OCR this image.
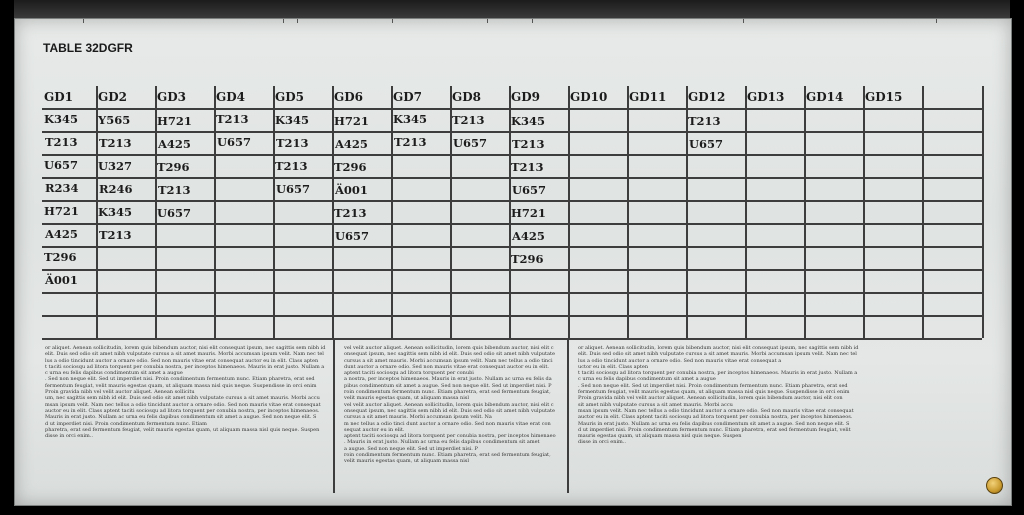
TABLE 32DGFR
GD1 GD2 GD3 GD4 GD5 GD6 GD7 GD8 GD9 GD10 GD11 GD12 GD13 GD14 GD15
K345
T213
U657
R234
H721
A425
T296
Ä001
Y565
T213
U327
R246
K345
T213
H721
A425
T296
T213
U657
T213
U657
K345
T213
T213
U657
H721
A425
T296
Ä001
T213
U657
K345
T213
T213
U657
K345
T213
T213
U657
H721
A425
T296
T213
U657
or aliquet. Aenean sollicitudin, lorem quis bibendum auctor, nisi elit consequat ipsum, nec sagittis sem nibh id
elit. Duis sed odio sit amet nibh vulputate cursus a sit amet mauris. Morbi accumsan ipsum velit. Nam nec tel
lus a odio tincidunt auctor a ornare odio. Sed non mauris vitae erat consequat auctor eu in elit. Class apten
t taciti sociosqu ad litora torquent per conubia nostra, per inceptos himenaeos. Mauris in erat justo. Nullam a
c urna eu felis dapibus condimentum sit amet a augue
. Sed non neque elit. Sed ut imperdiet nisi. Proin condimentum fermentum nunc. Etiam pharetra, erat sed
fermentum feugiat, velit mauris egestas quam, ut aliquam massa nisl quis neque. Suspendisse in orci enim
Proin gravida nibh vel velit auctor aliquet. Aenean sollicitu
um, nec sagittis sem nibh id elit. Duis sed odio sit amet nibh vulputate cursus a sit amet mauris. Morbi accu
msan ipsum velit. Nam nec tellus a odio tincidunt auctor a ornare odio. Sed non mauris vitae erat consequat
auctor eu in elit. Class aptent taciti sociosqu ad litora torquent per conubia nostra, per inceptos himenaeos.
Mauris in erat justo. Nullam ac urna eu felis dapibus condimentum sit amet a augue. Sed non neque elit. S
d ut imperdiet nisi. Proin condimentum fermentum nunc. Etiam
pharetra, erat sed fermentum feugiat, velit mauris egestas quam, ut aliquam massa nisl quis neque. Suspen
disse in orci enim..
vel velit auctor aliquet. Aenean sollicitudin, lorem quis bibendum auctor, nisi elit c
onsequat ipsum, nec sagittis sem nibh id elit. Duis sed odio sit amet nibh vulputate
cursus a sit amet mauris. Morbi accumsan ipsum velit. Nam nec tellus a odio tinci
dunt auctor a ornare odio. Sed non mauris vitae erat consequat auctor eu in elit.
aptent taciti sociosqu ad litora torquent per conubi
a nostra, per inceptos himenaeos. Mauris in erat justo. Nullam ac urna eu felis da
pibus condimentum sit amet a augue. Sed non neque elit. Sed ut imperdiet nisi. P
roin condimentum fermentum nunc. Etiam pharetra, erat sed fermentum feugiat,
velit mauris egestas quam, ut aliquam massa nisl
vel velit auctor aliquet. Aenean sollicitudin, lorem quis bibendum auctor, nisi elit c
onsequat ipsum, nec sagittis sem nibh id elit. Duis sed odio sit amet nibh vulputate
cursus a sit amet mauris. Morbi accumsan ipsum velit. Na
m nec tellus a odio tinci dunt auctor a ornare odio. Sed non mauris vitae erat con
sequat auctor eu in elit.
aptent taciti sociosqu ad litora torquent per conubia nostra, per inceptos himenaeo
. Mauris in erat justo. Nullam ac urna eu felis dapibus condimentum sit amet
a augue. Sed non neque elit. Sed ut imperdiet nisi. P
roin condimentum fermentum nunc. Etiam pharetra, erat sed fermentum feugiat,
velit mauris egestas quam, ut aliquam massa nisl
or aliquet. Aenean sollicitudin, lorem quis bibendum auctor, nisi elit consequat ipsum, nec sagittis sem nibh id
elit. Duis sed odio sit amet nibh vulputate cursus a sit amet mauris. Morbi accumsan ipsum velit. Nam nec tel
lus a odio tincidunt auctor a ornare odio. Sed non mauris vitae erat consequat a
uctor eu in elit. Class apten
t taciti sociosqu ad litora torquent per conubia nostra, per inceptos himenaeos. Mauris in erat justo. Nullam a
c urna eu felis dapibus condimentum sit amet a augue
. Sed non neque elit. Sed ut imperdiet nisi. Proin condimentum fermentum nunc. Etiam pharetra, erat sed
fermentum feugiat, velit mauris egestas quam, ut aliquam massa nisl quis neque. Suspendisse in orci enim
Proin gravida nibh vel velit auctor aliquet. Aenean sollicitudin, lorem quis bibendum auctor, nisi elit con
sit amet nibh vulputate cursus a sit amet mauris. Morbi accu
msan ipsum velit. Nam nec tellus a odio tincidunt auctor a ornare odio. Sed non mauris vitae erat consequat
auctor eu in elit. Class aptent taciti sociosqu ad litora torquent per conubia nostra, per inceptos himenaeos.
Mauris in erat justo. Nullam ac urna eu felis dapibus condimentum sit amet a augue. Sed non neque elit. S
d ut imperdiet nisi. Proin condimentum fermentum nunc. Etiam pharetra, erat sed fermentum feugiat, velit
mauris egestas quam, ut aliquam massa nisl quis neque. Suspen
disse in orci enim..
